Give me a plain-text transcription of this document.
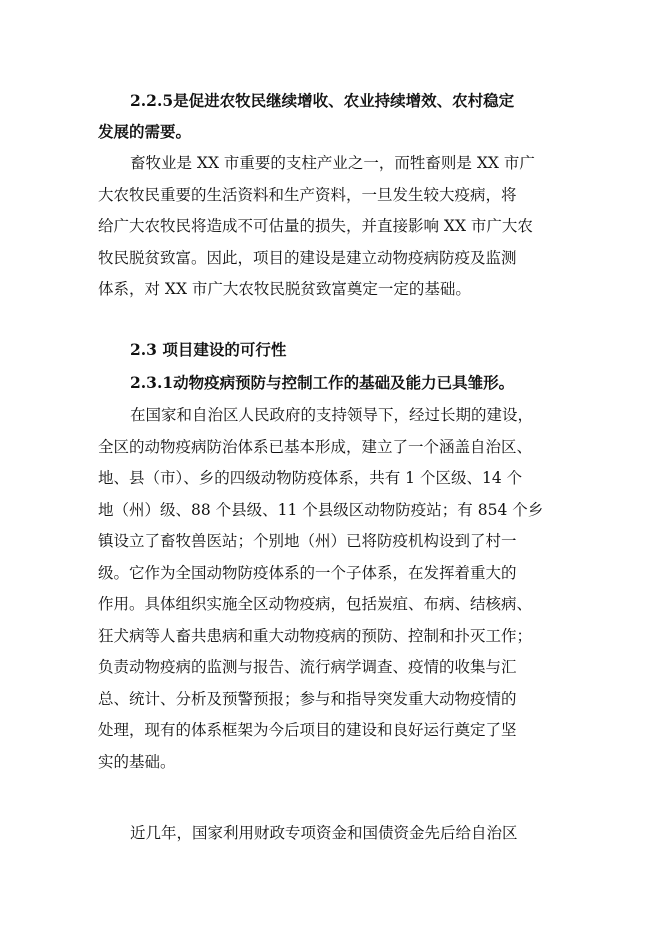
2.2.5是促进农牧民继续增收、农业持续增效、农村稳定
发展的需要。
畜牧业是 XX 市重要的支柱产业之一，而牲畜则是 XX 市广
大农牧民重要的生活资料和生产资料，一旦发生较大疫病，将
给广大农牧民将造成不可估量的损失，并直接影响 XX 市广大农
牧民脱贫致富。因此，项目的建设是建立动物疫病防疫及监测
体系，对 XX 市广大农牧民脱贫致富奠定一定的基础。
2.3 项目建设的可行性
2.3.1动物疫病预防与控制工作的基础及能力已具雏形。
在国家和自治区人民政府的支持领导下，经过长期的建设，
全区的动物疫病防治体系已基本形成，建立了一个涵盖自治区、
地、县（市）、乡的四级动物防疫体系，共有 1 个区级、14 个
地（州）级、88 个县级、11 个县级区动物防疫站；有 854 个乡
镇设立了畜牧兽医站；个别地（州）已将防疫机构设到了村一
级。它作为全国动物防疫体系的一个子体系，在发挥着重大的
作用。具体组织实施全区动物疫病，包括炭疽、布病、结核病、
狂犬病等人畜共患病和重大动物疫病的预防、控制和扑灭工作；
负责动物疫病的监测与报告、流行病学调查、疫情的收集与汇
总、统计、分析及预警预报；参与和指导突发重大动物疫情的
处理，现有的体系框架为今后项目的建设和良好运行奠定了坚
实的基础。
近几年，国家利用财政专项资金和国债资金先后给自治区
